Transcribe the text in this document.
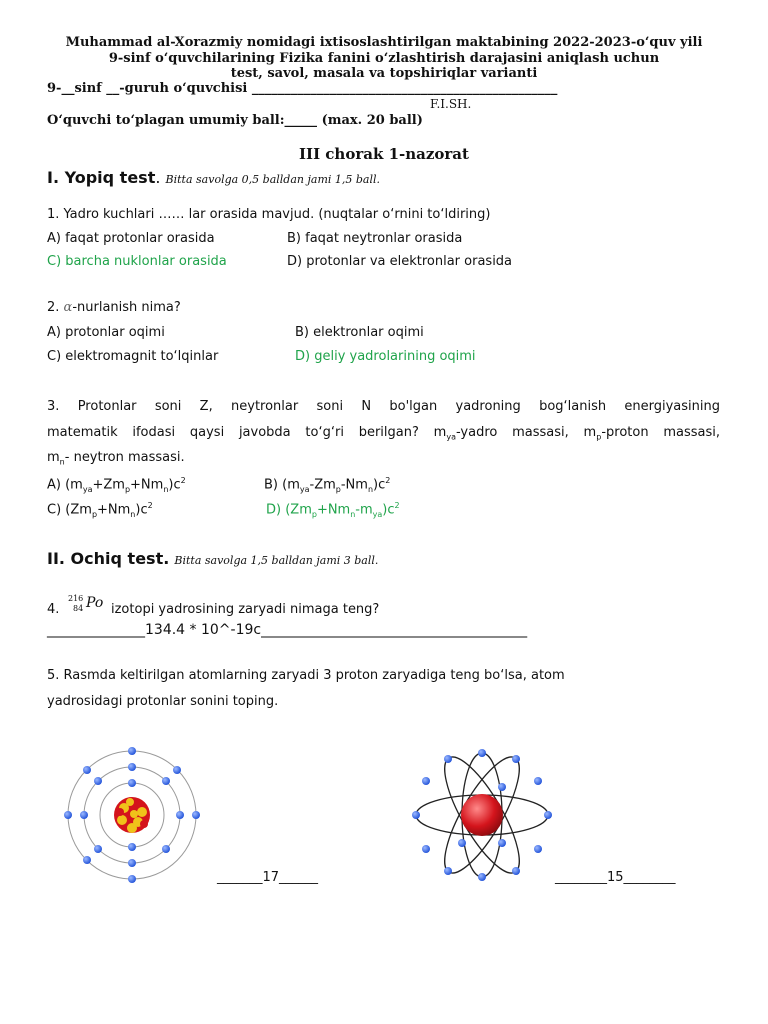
Muhammad al-Xorazmiy nomidagi ixtisoslashtirilgan maktabining 2022-2023-o‘quv yili
9-sinf o‘quvchilarining Fizika fanini o‘zlashtirish darajasini aniqlash uchun
test, savol, masala va topshiriqlar varianti
9-__sinf __-guruh o‘quvchisi _______________________________________________
F.I.SH.
O‘quvchi to‘plagan umumiy ball:_____ (max. 20 ball)
III chorak 1-nazorat
I. Yopiq test. Bitta savolga 0,5 balldan jami 1,5 ball.
1. Yadro kuchlari …… lar orasida mavjud. (nuqtalar o‘rnini to‘ldiring)
A) faqat protonlar orasida	B) faqat neytronlar orasida
C) barcha nuklonlar orasida	D) protonlar va elektronlar orasida
2. α-nurlanish nima?
A) protonlar oqimi	B) elektronlar oqimi
C) elektromagnit to‘lqinlar	D) geliy yadrolarining oqimi
3. Protonlar soni Z, neytronlar soni N bo'lgan yadroning bog‘lanish energiyasining
matematik ifodasi qaysi javobda to‘g‘ri berilgan? $m_{ya}$-yadro massasi, $m_p$-proton massasi,
$m_n-$ neytron massasi.
A) $(m_{ya}+Zm_p+Nm_n)c^2$	B) $(m_{ya}-Zm_p-Nm_n)c^2$
C) $(Zm_p+Nm_n)c^2$	D) $(Zm_p+Nm_n-m_{ya})c^2$
II. Ochiq test. Bitta savolga 1,5 balldan jami 3 ball.
4.
216
84 Po izotopi yadrosining zaryadi nimaga teng?
______________134.4 * 10^-19c______________________________________
5. Rasmda keltirilgan atomlarning zaryadi 3 proton zaryadiga teng bo‘lsa, atom
yadrosidagi protonlar sonini toping.
_______17______	________15________
